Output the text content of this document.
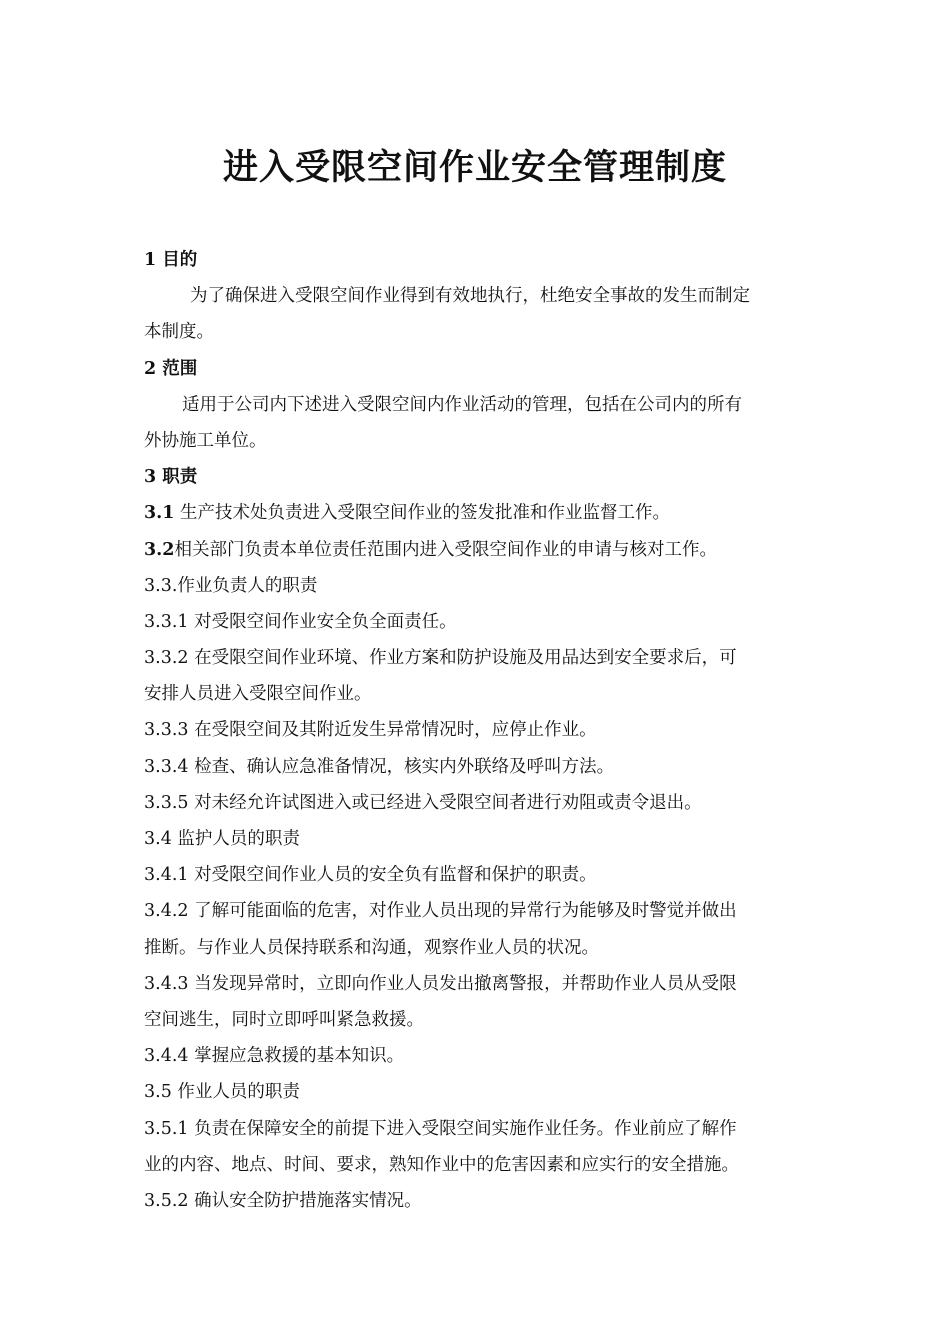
进入受限空间作业安全管理制度
1 目的
为了确保进入受限空间作业得到有效地执行，杜绝安全事故的发生而制定
本制度。
2 范围
适用于公司内下述进入受限空间内作业活动的管理，包括在公司内的所有
外协施工单位。
3 职责
3.1 生产技术处负责进入受限空间作业的签发批准和作业监督工作。
3.2相关部门负责本单位责任范围内进入受限空间作业的申请与核对工作。
3.3.作业负责人的职责
3.3.1 对受限空间作业安全负全面责任。
3.3.2 在受限空间作业环境、作业方案和防护设施及用品达到安全要求后，可
安排人员进入受限空间作业。
3.3.3 在受限空间及其附近发生异常情况时，应停止作业。
3.3.4 检查、确认应急准备情况，核实内外联络及呼叫方法。
3.3.5 对未经允许试图进入或已经进入受限空间者进行劝阻或责令退出。
3.4 监护人员的职责
3.4.1 对受限空间作业人员的安全负有监督和保护的职责。
3.4.2 了解可能面临的危害，对作业人员出现的异常行为能够及时警觉并做出
推断。与作业人员保持联系和沟通，观察作业人员的状况。
3.4.3 当发现异常时，立即向作业人员发出撤离警报，并帮助作业人员从受限
空间逃生，同时立即呼叫紧急救援。
3.4.4 掌握应急救援的基本知识。
3.5 作业人员的职责
3.5.1 负责在保障安全的前提下进入受限空间实施作业任务。作业前应了解作
业的内容、地点、时间、要求，熟知作业中的危害因素和应实行的安全措施。
3.5.2 确认安全防护措施落实情况。
